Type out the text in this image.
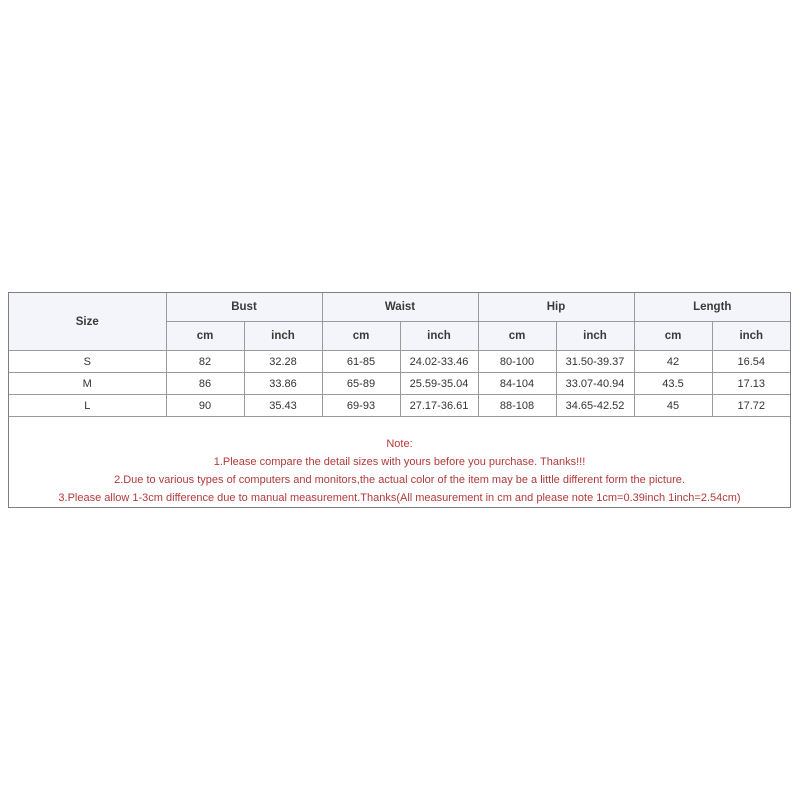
Size	Bust		Waist		Hip		Length	
	cm	inch	cm	inch	cm	inch	cm	inch
S	82	32.28	61-85	24.02-33.46	80-100	31.50-39.37	42	16.54
M	86	33.86	65-89	25.59-35.04	84-104	33.07-40.94	43.5	17.13
L	90	35.43	69-93	27.17-36.61	88-108	34.65-42.52	45	17.72
Note:
1.Please compare the detail sizes with yours before you purchase. Thanks!!!
2.Due to various types of computers and monitors,the actual color of the item may be a little different form the picture.
3.Please allow 1-3cm difference due to manual measurement.Thanks(All measurement in cm and please note 1cm=0.39inch 1inch=2.54cm)
